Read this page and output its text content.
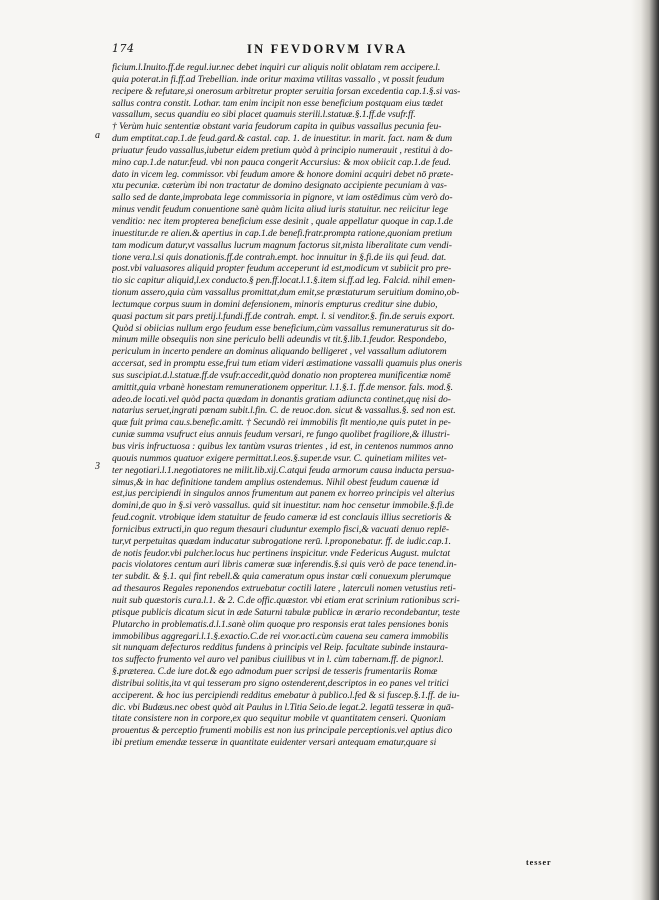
174	IN FEVDORVM IVRA
a
3
ficium.l.Inuito.ff.de regul.iur.nec debet inquiri cur aliquis nolit oblatam rem accipere.l.
quia poterat.in fi.ff.ad Trebellian. inde oritur maxima vtilitas vassallo , vt possit feudum
recipere & refutare,si onerosum arbitretur propter seruitia forsan excedentia cap.1.§.si vas-
sallus contra constit. Lothar. tam enim incipit non esse beneficium postquam eius tædet
vassallum, secus quandiu eo sibi placet quamuis sterili.l.statuæ.§.1.ff.de vsufr.ff.
† Verùm huic sententiæ obstant varia feudorum capita in quibus vassallus pecunia feu-
dum emptitat.cap.1.de feud.gard.& castal. cap. 1. de inuestitur. in marit. fact. nam & dum
priuatur feudo vassallus,iubetur eidem pretium quòd à principio numerauit , restitui à do-
mino cap.1.de natur.feud. vbi non pauca congerit Accursius: & mox obiicit cap.1.de feud.
dato in vicem leg. commissor. vbi feudum amore & honore domini acquiri debet nō præte-
xtu pecuniæ. cæterùm ibi non tractatur de domino designato accipiente pecuniam à vas-
sallo sed de dante,improbata lege commissoria in pignore, vt iam ostēdimus cùm verò do-
minus vendit feudum conuentione sanè quàm licita aliud iuris statuitur. nec reiicitur lege
venditio: nec item propterea beneficium esse desinit , quale appellatur quoque in cap.1.de
inuestitur.de re alien.& apertius in cap.1.de benefi.fratr.prompta ratione,quoniam pretium
tam modicum datur,vt vassallus lucrum magnum factorus sit,mista liberalitate cum vendi-
tione vera.l.si quis donationis.ff.de contrah.empt. hoc innuitur in §.fi.de iis qui feud. dat.
post.vbi valuasores aliquid propter feudum acceperunt id est,modicum vt subiicit pro pre-
tio sic capitur aliquid,l.ex conducto.§ pen.ff.locat.l.1.§.item si.ff.ad leg. Falcid. nihil emen-
tionum assero,quia cùm vassallus promittat,dum emit,se præstaturum seruitium domino,ob-
lectumque corpus suum in domini defensionem, minoris empturus creditur sine dubio,
quasi pactum sit pars pretij.l.fundi.ff.de contrah. empt. l. si venditor.§. fin.de seruis export.
Quòd si obiicias nullum ergo feudum esse beneficium,cùm vassallus remuneraturus sit do-
minum mille obsequiis non sine periculo belli adeundis vt tit.§.lib.1.feudor. Respondebo,
periculum in incerto pendere an dominus aliquando belligeret , vel vassallum adiutorem
accersat, sed in promptu esse,frui tum etiam videri æstimatione vassalli quamuis plus oneris
sus suscipiat.d.l.statuæ.ff.de vsufr.accedit,quòd donatio non propterea munificentiæ nomē
amittit,quia vrbanè honestam remunerationem opperitur. l.1.§.1. ff.de mensor. fals. mod.§.
adeo.de locati.vel quòd pacta quædam in donantis gratiam adiuncta continet,quę nisi do-
natarius seruet,ingrati pœnam subit.l.fin. C. de reuoc.don. sicut & vassallus.§. sed non est.
quæ fuit prima cau.s.benefic.amitt. † Secundò rei immobilis fit mentio,ne quis putet in pe-
cuniæ summa vsufruct eius annuis feudum versari, re fungo quolibet fragiliore,& illustri-
bus viris infructuosa : quibus lex tantùm vsuras trientes , id est, in centenos nummos anno
quouis nummos quatuor exigere permittat.l.eos.§.super.de vsur. C. quinetiam milites vet-
ter negotiari.l.1.negotiatores ne milit.lib.xij.C.atqui feuda armorum causa inducta persua-
simus,& in hac definitione tandem amplius ostendemus. Nihil obest feudum cauenæ id
est,ius percipiendi in singulos annos frumentum aut panem ex horreo principis vel alterius
domini,de quo in §.si verò vassallus. quid sit inuestitur. nam hoc censetur immobile.§.fi.de
feud.cognit. vtrobique idem statuitur de feudo cameræ id est conclauis illius secretioris &
fornicibus extructi,in quo regum thesauri cluduntur exemplo fisci,& vacuati denuo replē-
tur,vt perpetuitas quædam inducatur subrogatione rerū. l.proponebatur. ff. de iudic.cap.1.
de notis feudor.vbi pulcher.locus huc pertinens inspicitur. vnde Federicus August. mulctat
pacis violatores centum auri libris cameræ suæ inferendis.§.si quis verò de pace tenend.in-
ter subdit. & §.1. qui fint rebell.& quia cameratum opus instar cœli conuexum plerumque
ad thesauros Regales reponendos extruebatur coctili latere , laterculi nomen vetustius reti-
nuit sub quæstoris cura.l.1. & 2. C.de offic.quæstor. vbi etiam erat scrinium rationibus scri-
ptisque publicis dicatum sicut in æde Saturni tabulæ publicæ in ærario recondebantur, teste
Plutarcho in problematis.d.l.1.sanè olim quoque pro responsis erat tales pensiones bonis
immobilibus aggregari.l.1.§.exactio.C.de rei vxor.acti.cùm cauena seu camera immobilis
sit nunquam defecturos redditus fundens à principis vel Reip. facultate subinde instaura-
tos suffecto frumento vel auro vel panibus ciuilibus vt in l. cùm tabernam.ff. de pignor.l.
§.præterea. C.de iure dot.& ego admodum puer scripsi de tesseris frumentariis Romæ
distribui solitis,ita vt qui tesseram pro signo ostenderent,descriptos in eo panes vel tritici
acciperent. & hoc ius percipiendi redditus emebatur à publico.l.fed & si fuscep.§.1.ff. de iu-
dic. vbi Budæus.nec obest quòd ait Paulus in l.Titia Seio.de legat.2. legatū tesseræ in quā-
titate consistere non in corpore,ex quo sequitur mobile vt quantitatem censeri. Quoniam
prouentus & perceptio frumenti mobilis est non ius principale perceptionis.vel aptius dico
ibi pretium emendæ tesseræ in quantitate euidenter versari antequam ematur,quare si
tesser
